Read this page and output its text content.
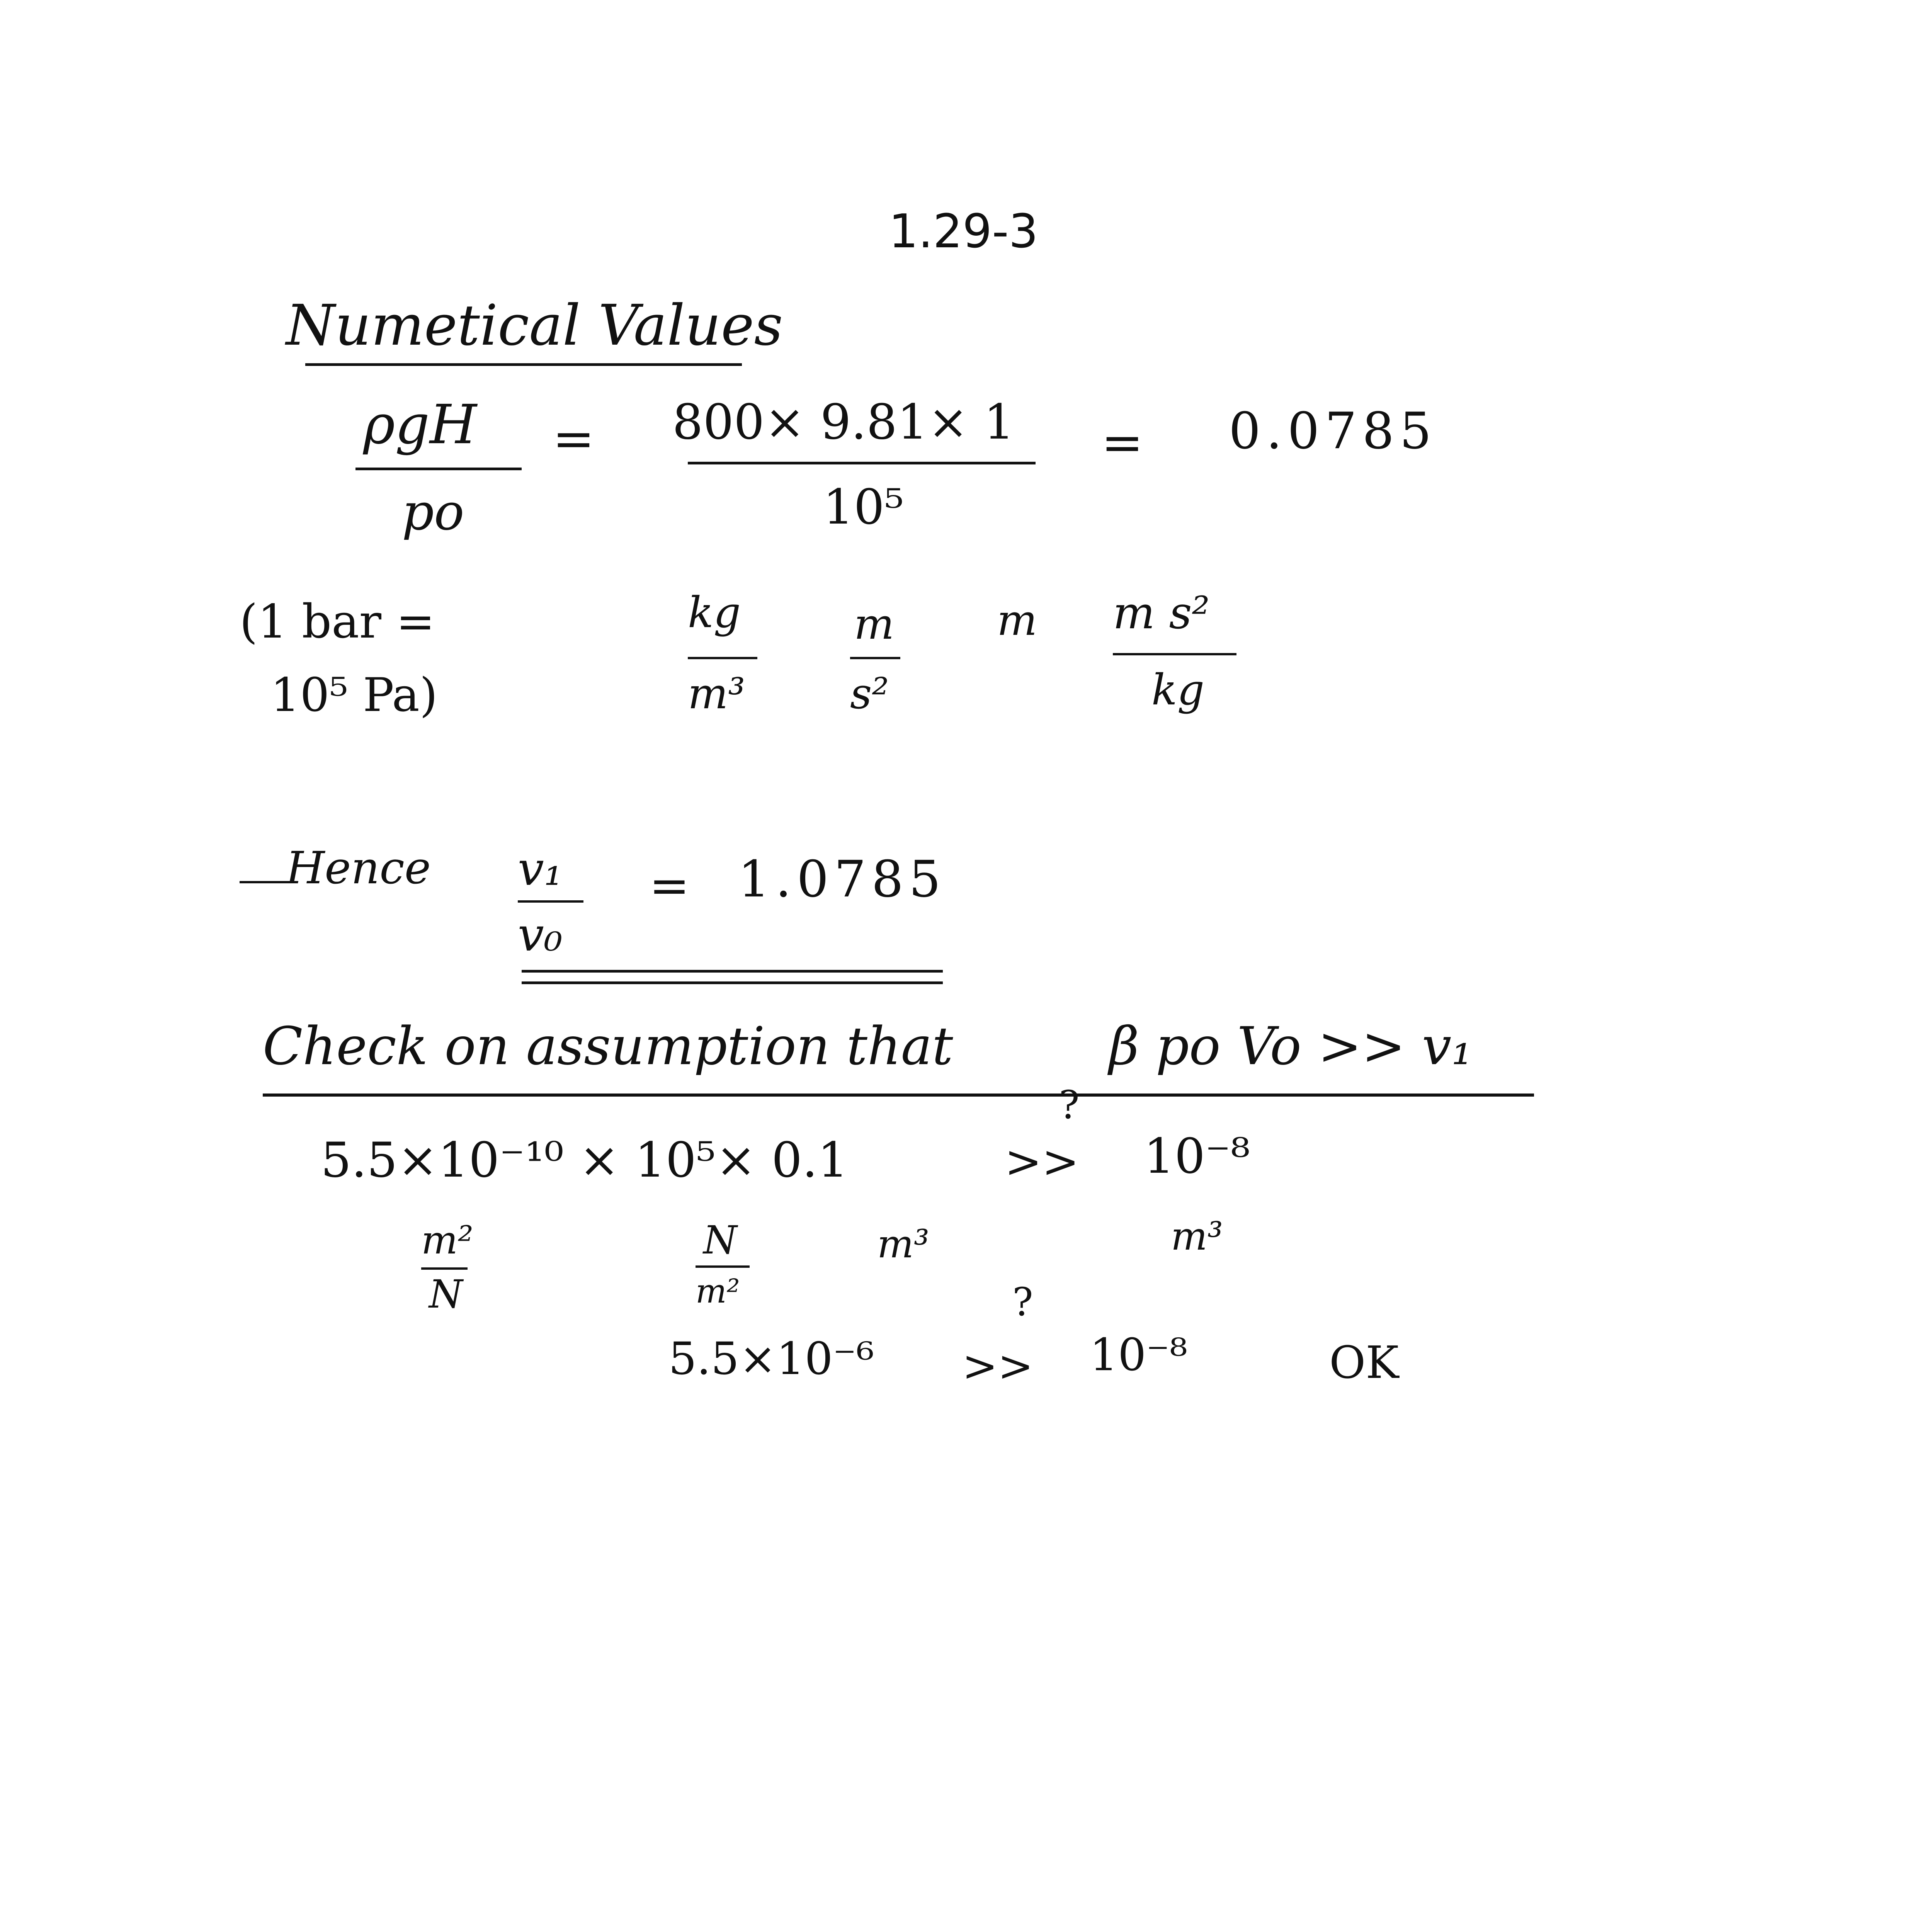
1.29-3
Numetical Values
ρgH
po
= 800× 9.81× 1
10⁵
= 0.0785
(1 bar =
10⁵ Pa)
kg
m³
m
s²
m m s²
kg
Hence v₁
v₀
= 1.0785
Check on assumption that	β po Vo >> v₁
?
5.5×10⁻¹⁰ × 10⁵× 0.1	>> 10⁻⁸
m²
N
N
m²
m³	m³
?
5.5×10⁻⁶ >> 10⁻⁸	OK
